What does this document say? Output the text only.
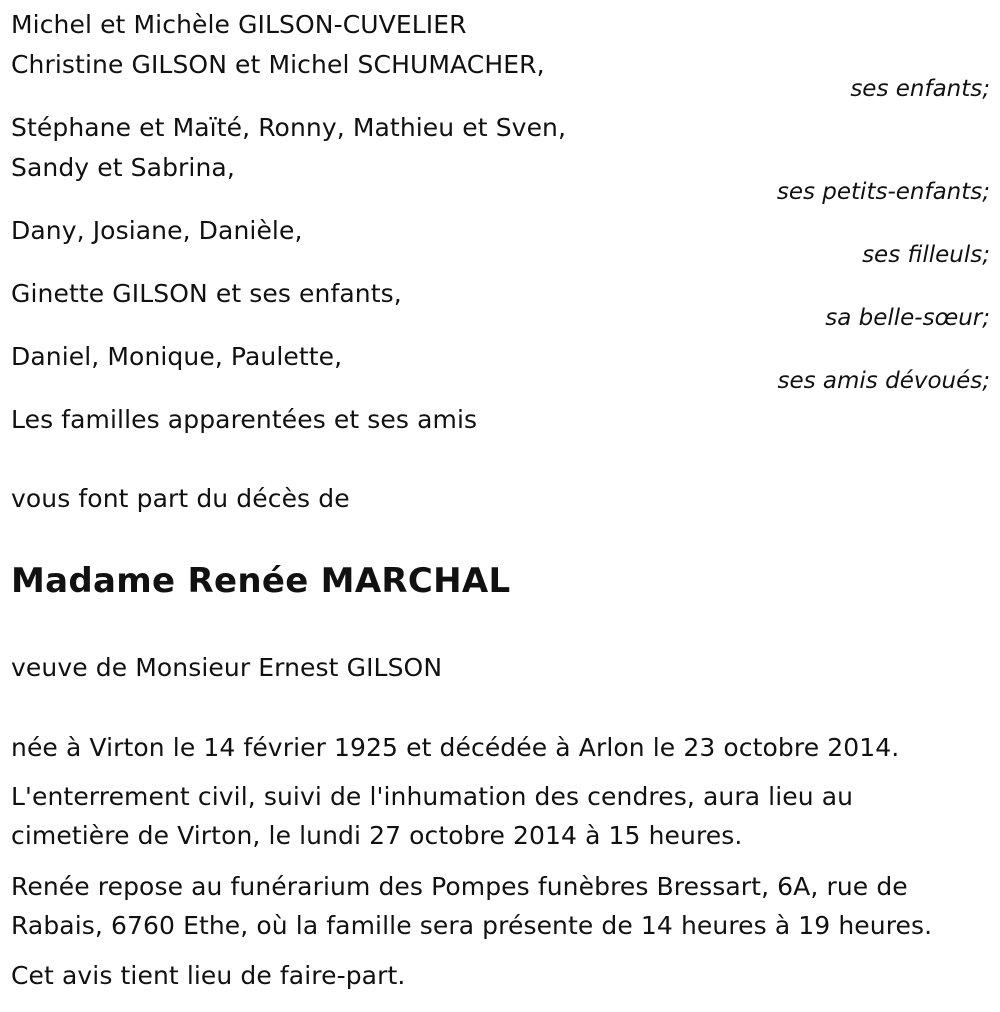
Michel et Michèle GILSON-CUVELIER
Christine GILSON et Michel SCHUMACHER,
ses enfants;
Stéphane et Maïté, Ronny, Mathieu et Sven,
Sandy et Sabrina,
ses petits-enfants;
Dany, Josiane, Danièle,
ses filleuls;
Ginette GILSON et ses enfants,
sa belle-sœur;
Daniel, Monique, Paulette,
ses amis dévoués;
Les familles apparentées et ses amis
vous font part du décès de
Madame Renée MARCHAL
veuve de Monsieur Ernest GILSON
née à Virton le 14 février 1925 et décédée à Arlon le 23 octobre 2014.
L'enterrement civil, suivi de l'inhumation des cendres, aura lieu au
cimetière de Virton, le lundi 27 octobre 2014 à 15 heures.
Renée repose au funérarium des Pompes funèbres Bressart, 6A, rue de
Rabais, 6760 Ethe, où la famille sera présente de 14 heures à 19 heures.
Cet avis tient lieu de faire-part.
